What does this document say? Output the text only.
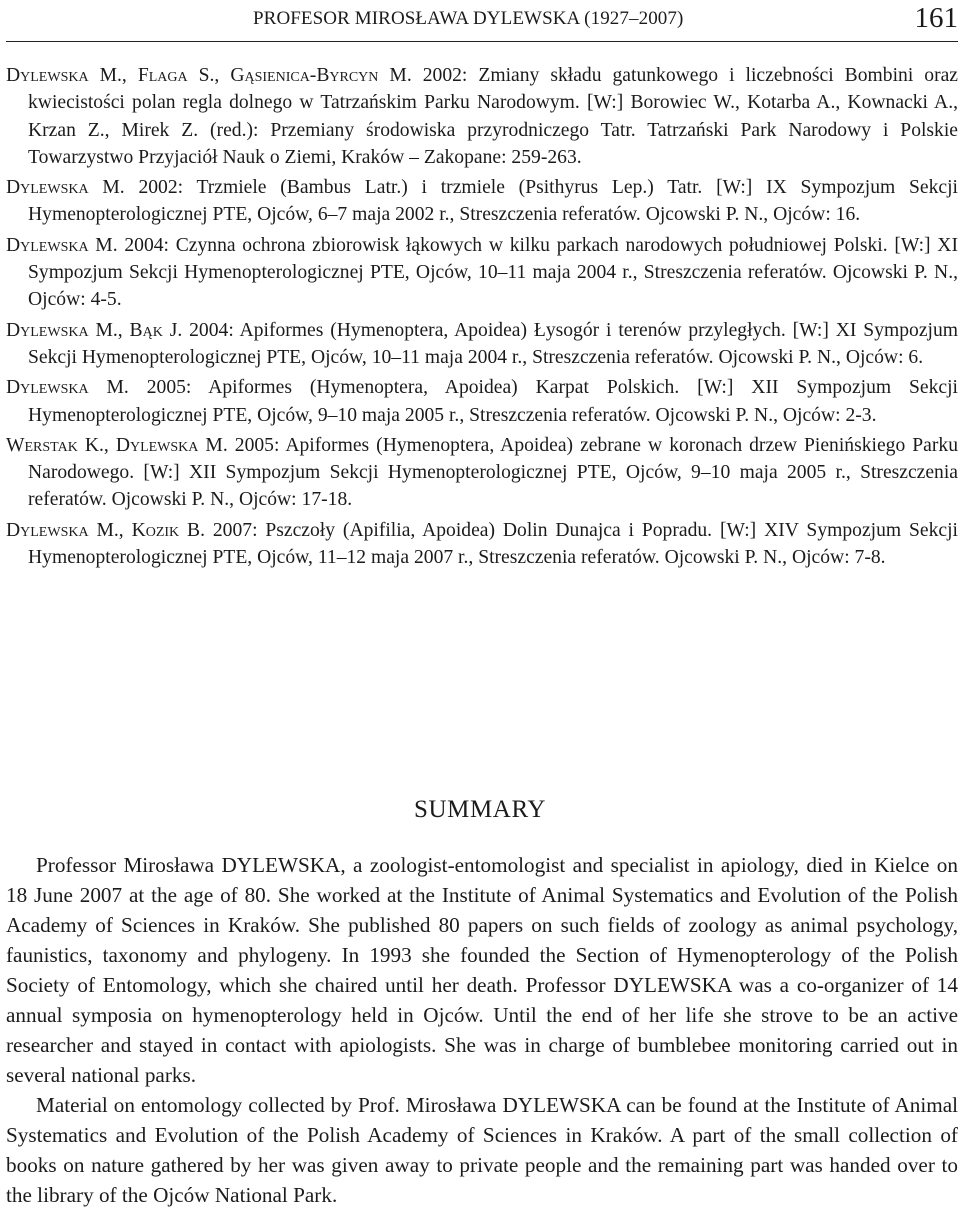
PROFESOR MIROSŁAWA DYLEWSKA (1927–2007)	161

Dylewska M., Flaga S., Gąsienica-Byrcyn M. 2002: Zmiany składu gatunkowego i liczebności Bombini oraz kwiecistości polan regla dolnego w Tatrzańskim Parku Narodowym. [W:] Borowiec W., Kotarba A., Kownacki A., Krzan Z., Mirek Z. (red.): Przemiany środowiska przyrodniczego Tatr. Tatrzański Park Narodowy i Polskie Towarzystwo Przyjaciół Nauk o Ziemi, Kraków – Zakopane: 259-263.

Dylewska M. 2002: Trzmiele (Bambus Latr.) i trzmiele (Psithyrus Lep.) Tatr. [W:] IX Sympozjum Sekcji Hymenopterologicznej PTE, Ojców, 6–7 maja 2002 r., Streszczenia referatów. Ojcowski P. N., Ojców: 16.

Dylewska M. 2004: Czynna ochrona zbiorowisk łąkowych w kilku parkach narodowych południowej Polski. [W:] XI Sympozjum Sekcji Hymenopterologicznej PTE, Ojców, 10–11 maja 2004 r., Streszczenia referatów. Ojcowski P. N., Ojców: 4-5.

Dylewska M., Bąk J. 2004: Apiformes (Hymenoptera, Apoidea) Łysogór i terenów przyległych. [W:] XI Sympozjum Sekcji Hymenopterologicznej PTE, Ojców, 10–11 maja 2004 r., Streszczenia referatów. Ojcowski P. N., Ojców: 6.

Dylewska M. 2005: Apiformes (Hymenoptera, Apoidea) Karpat Polskich. [W:] XII Sympozjum Sekcji Hymenopterologicznej PTE, Ojców, 9–10 maja 2005 r., Streszczenia referatów. Ojcowski P. N., Ojców: 2-3.

Werstak K., Dylewska M. 2005: Apiformes (Hymenoptera, Apoidea) zebrane w koronach drzew Pienińskiego Parku Narodowego. [W:] XII Sympozjum Sekcji Hymenopterologicznej PTE, Ojców, 9–10 maja 2005 r., Streszczenia referatów. Ojcowski P. N., Ojców: 17-18.

Dylewska M., Kozik B. 2007: Pszczoły (Apifilia, Apoidea) Dolin Dunajca i Popradu. [W:] XIV Sympozjum Sekcji Hymenopterologicznej PTE, Ojców, 11–12 maja 2007 r., Streszczenia referatów. Ojcowski P. N., Ojców: 7-8.

SUMMARY

Professor Mirosława DYLEWSKA, a zoologist-entomologist and specialist in apiology, died in Kielce on 18 June 2007 at the age of 80. She worked at the Institute of Animal Systematics and Evolution of the Polish Academy of Sciences in Kraków. She published 80 papers on such fields of zoology as animal psychology, faunistics, taxonomy and phylogeny. In 1993 she founded the Section of Hymenopterology of the Polish Society of Entomology, which she chaired until her death. Professor DYLEWSKA was a co-organizer of 14 annual symposia on hymenopterology held in Ojców. Until the end of her life she strove to be an active researcher and stayed in contact with apiologists. She was in charge of bumblebee monitoring carried out in several national parks.

Material on entomology collected by Prof. Mirosława DYLEWSKA can be found at the Institute of Animal Systematics and Evolution of the Polish Academy of Sciences in Kraków. A part of the small collection of books on nature gathered by her was given away to private people and the remaining part was handed over to the library of the Ojców National Park.
